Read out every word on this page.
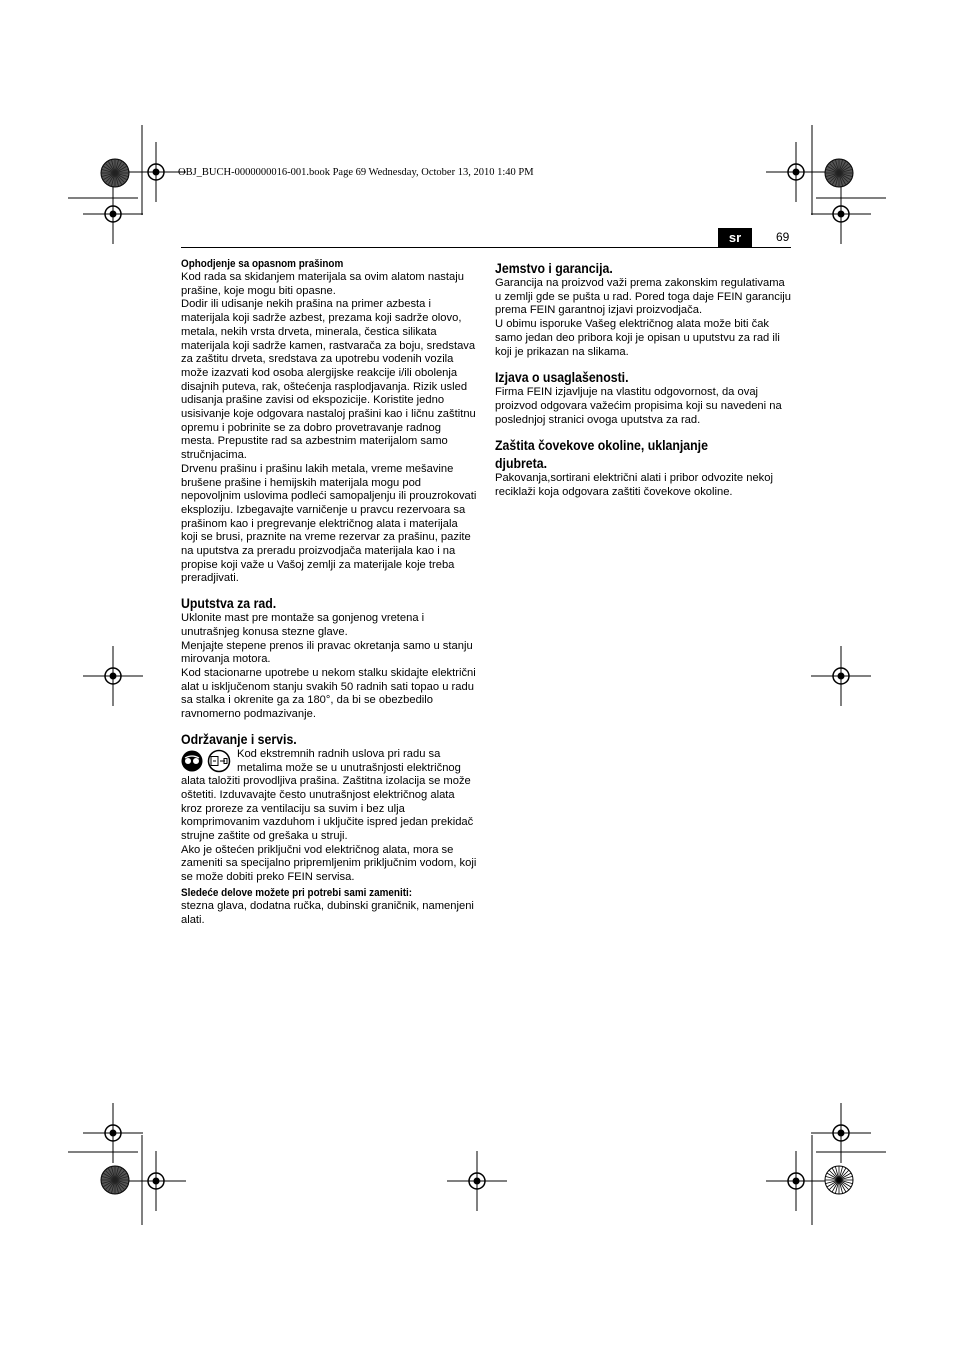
OBJ_BUCH-0000000016-001.book Page 69 Wednesday, October 13, 2010 1:40 PM
sr	69

Ophodjenje sa opasnom prašinom

Kod rada sa skidanjem materijala sa ovim alatom nastaju prašine, koje mogu biti opasne.

Dodir ili udisanje nekih prašina na primer azbesta i materijala koji sadrže azbest, prezama koji sadrže olovo, metala, nekih vrsta drveta, minerala, čestica silikata materijala koji sadrže kamen, rastvarača za boju, sredstava za zaštitu drveta, sredstava za upotrebu vodenih vozila može izazvati kod osoba alergijske reakcije i/ili obolenja disajnih puteva, rak, oštećenja rasplodjavanja. Rizik usled udisanja prašine zavisi od ekspozicije. Koristite jedno usisivanje koje odgovara nastaloj prašini kao i ličnu zaštitnu opremu i pobrinite se za dobro provetravanje radnog mesta. Prepustite rad sa azbestnim materijalom samo stručnjacima.

Drvenu prašinu i prašinu lakih metala, vreme mešavine brušene prašine i hemijskih materijala mogu pod nepovoljnim uslovima podleći samopaljenju ili prouzrokovati eksploziju. Izbegavajte varničenje u pravcu rezervoara sa prašinom kao i pregrevanje električnog alata i materijala koji se brusi, praznite na vreme rezervar za prašinu, pazite na uputstva za preradu proizvodjača materijala kao i na propise koji važe u Vašoj zemlji za materijale koje treba preradjivati.

Uputstva za rad.

Uklonite mast pre montaže sa gonjenog vretena i unutrašnjeg konusa stezne glave.

Menjajte stepene prenos ili pravac okretanja samo u stanju mirovanja motora.

Kod stacionarne upotrebe u nekom stalku skidajte električni alat u isključenom stanju svakih 50 radnih sati topao u radu sa stalka i okrenite ga za 180°, da bi se obezbedilo ravnomerno podmazivanje.

Održavanje i servis.

Kod ekstremnih radnih uslova pri radu sa metalima može se u unutrašnjosti električnog alata taložiti provodljiva prašina. Zaštitna izolacija se može oštetiti. Izduvavajte često unutrašnjost električnog alata kroz proreze za ventilaciju sa suvim i bez ulja komprimovanim vazduhom i uključite ispred jedan prekidač strujne zaštite od grešaka u struji.

Ako je oštećen priključni vod električnog alata, mora se zameniti sa specijalno pripremljenim priključnim vodom, koji se može dobiti preko FEIN servisa.

Sledeće delove možete pri potrebi sami zameniti:

stezna glava, dodatna ručka, dubinski graničnik, namenjeni alati.

Jemstvo i garancija.

Garancija na proizvod važi prema zakonskim regulativama u zemlji gde se pušta u rad. Pored toga daje FEIN garanciju prema FEIN garantnoj izjavi proizvodjača.

U obimu isporuke Vašeg električnog alata može biti čak samo jedan deo pribora koji je opisan u uputstvu za rad ili koji je prikazan na slikama.

Izjava o usaglašenosti.

Firma FEIN izjavljuje na vlastitu odgovornost, da ovaj proizvod odgovara važećim propisima koji su navedeni na poslednjoj stranici ovoga uputstva za rad.

Zaštita čovekove okoline, uklanjanje djubreta.

Pakovanja,sortirani električni alati i pribor odvozite nekoj reciklaži koja odgovara zaštiti čovekove okoline.
